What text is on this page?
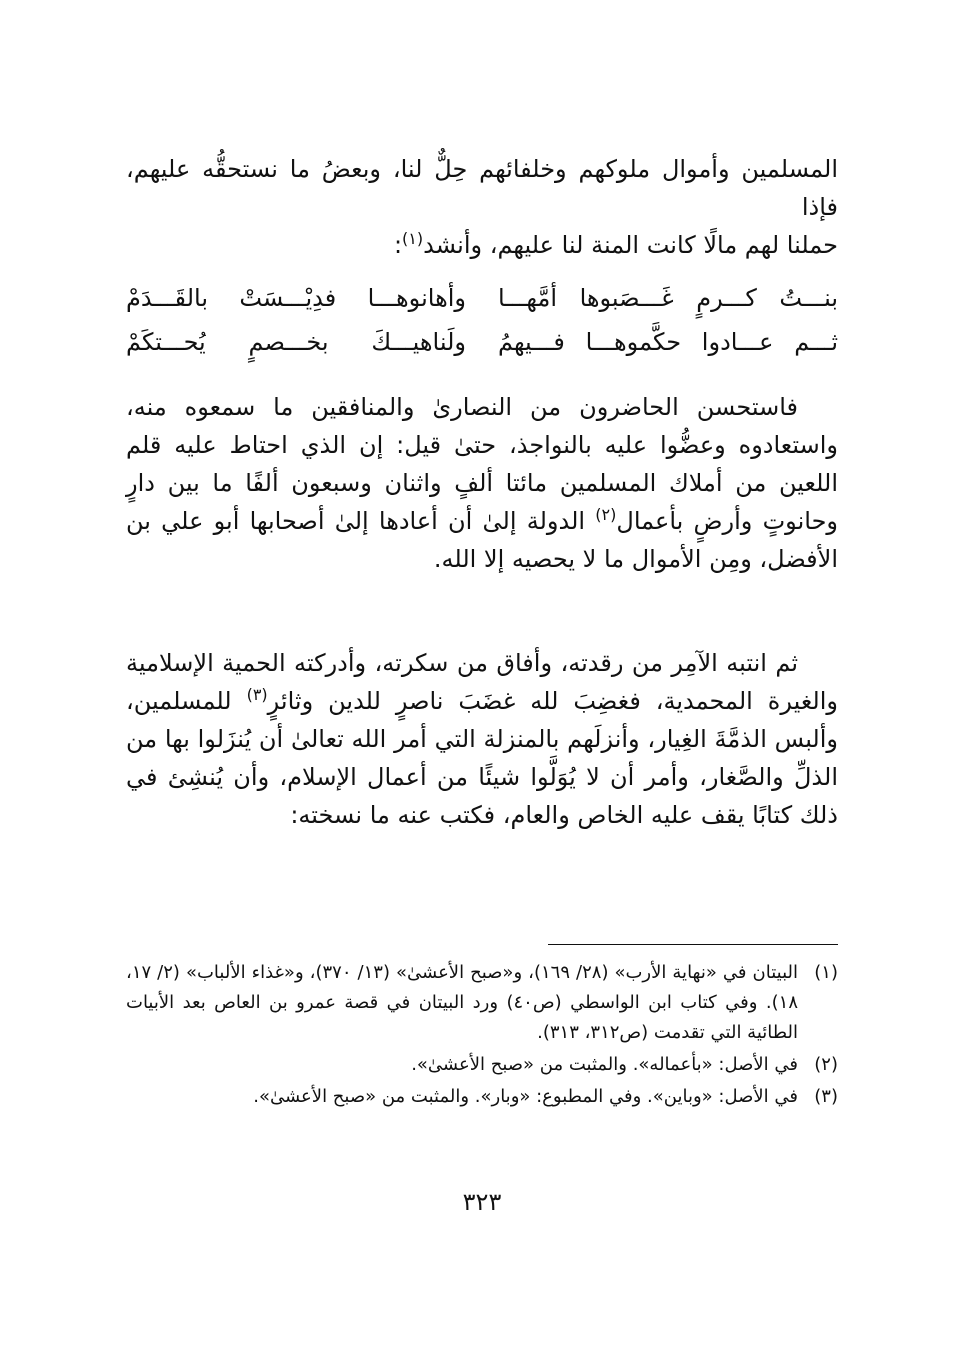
المسلمين وأموال ملوكهم وخلفائهم حِلٌّ لنا، وبعضُ ما نستحقُّه عليهم، فإذا
حملنا لهم مالًا كانت المنة لنا عليهم، وأنشد$^{(١)}$:
بنـــتُ كـــرمٍ غَـــصَبوها أمَّهـــا
وأهانوهـــا فدِيْـــسَتْ بالقَـــدَمْ
ثـــم عـــادوا حكَّموهـــا فـــيهمُ
ولَناهيـــكَ بخـــصمٍ يُحـــتكَمْ
فاستحسن الحاضرون من النصارىٰ والمنافقين ما سمعوه منه، واستعادوه وعضُّوا عليه بالنواجذ، حتىٰ قيل: إن الذي احتاط عليه قلم اللعين من أملاك المسلمين مائتا ألفٍ واثنان وسبعون ألفًا ما بين دارٍ وحانوتٍ وأرضٍ بأعمال$^{(٢)}$ الدولة إلىٰ أن أعادها إلىٰ أصحابها أبو علي بن الأفضل، ومِن الأموال ما لا يحصيه إلا الله.
ثم انتبه الآمِر من رقدته، وأفاق من سكرته، وأدركته الحمية الإسلامية والغيرة المحمدية، فغضِبَ لله غضَبَ ناصرٍ للدين وثائرٍ$^{(٣)}$ للمسلمين، وألبس الذمَّةَ الغِيار، وأنزلَهم بالمنزلة التي أمر الله تعالىٰ أن يُنزَلوا بها من الذلِّ والصَّغار، وأمر أن لا يُوَلَّوا شيئًا من أعمال الإسلام، وأن يُنشِئ في ذلك كتابًا يقف عليه الخاص والعام، فكتب عنه ما نسخته:
(١)
البيتان في «نهاية الأرب» (٢٨/ ١٦٩)، و«صبح الأعشىٰ» (١٣/ ٣٧٠)، و«غذاء الألباب» (٢/ ١٧، ١٨). وفي كتاب ابن الواسطي (ص٤٠) ورد البيتان في قصة عمرو بن العاص بعد الأبيات الطائية التي تقدمت (ص٣١٢، ٣١٣).
(٢)
في الأصل: «بأعماله». والمثبت من «صبح الأعشىٰ».
(٣)
في الأصل: «وباين». وفي المطبوع: «وبار». والمثبت من «صبح الأعشىٰ».
٣٢٣
